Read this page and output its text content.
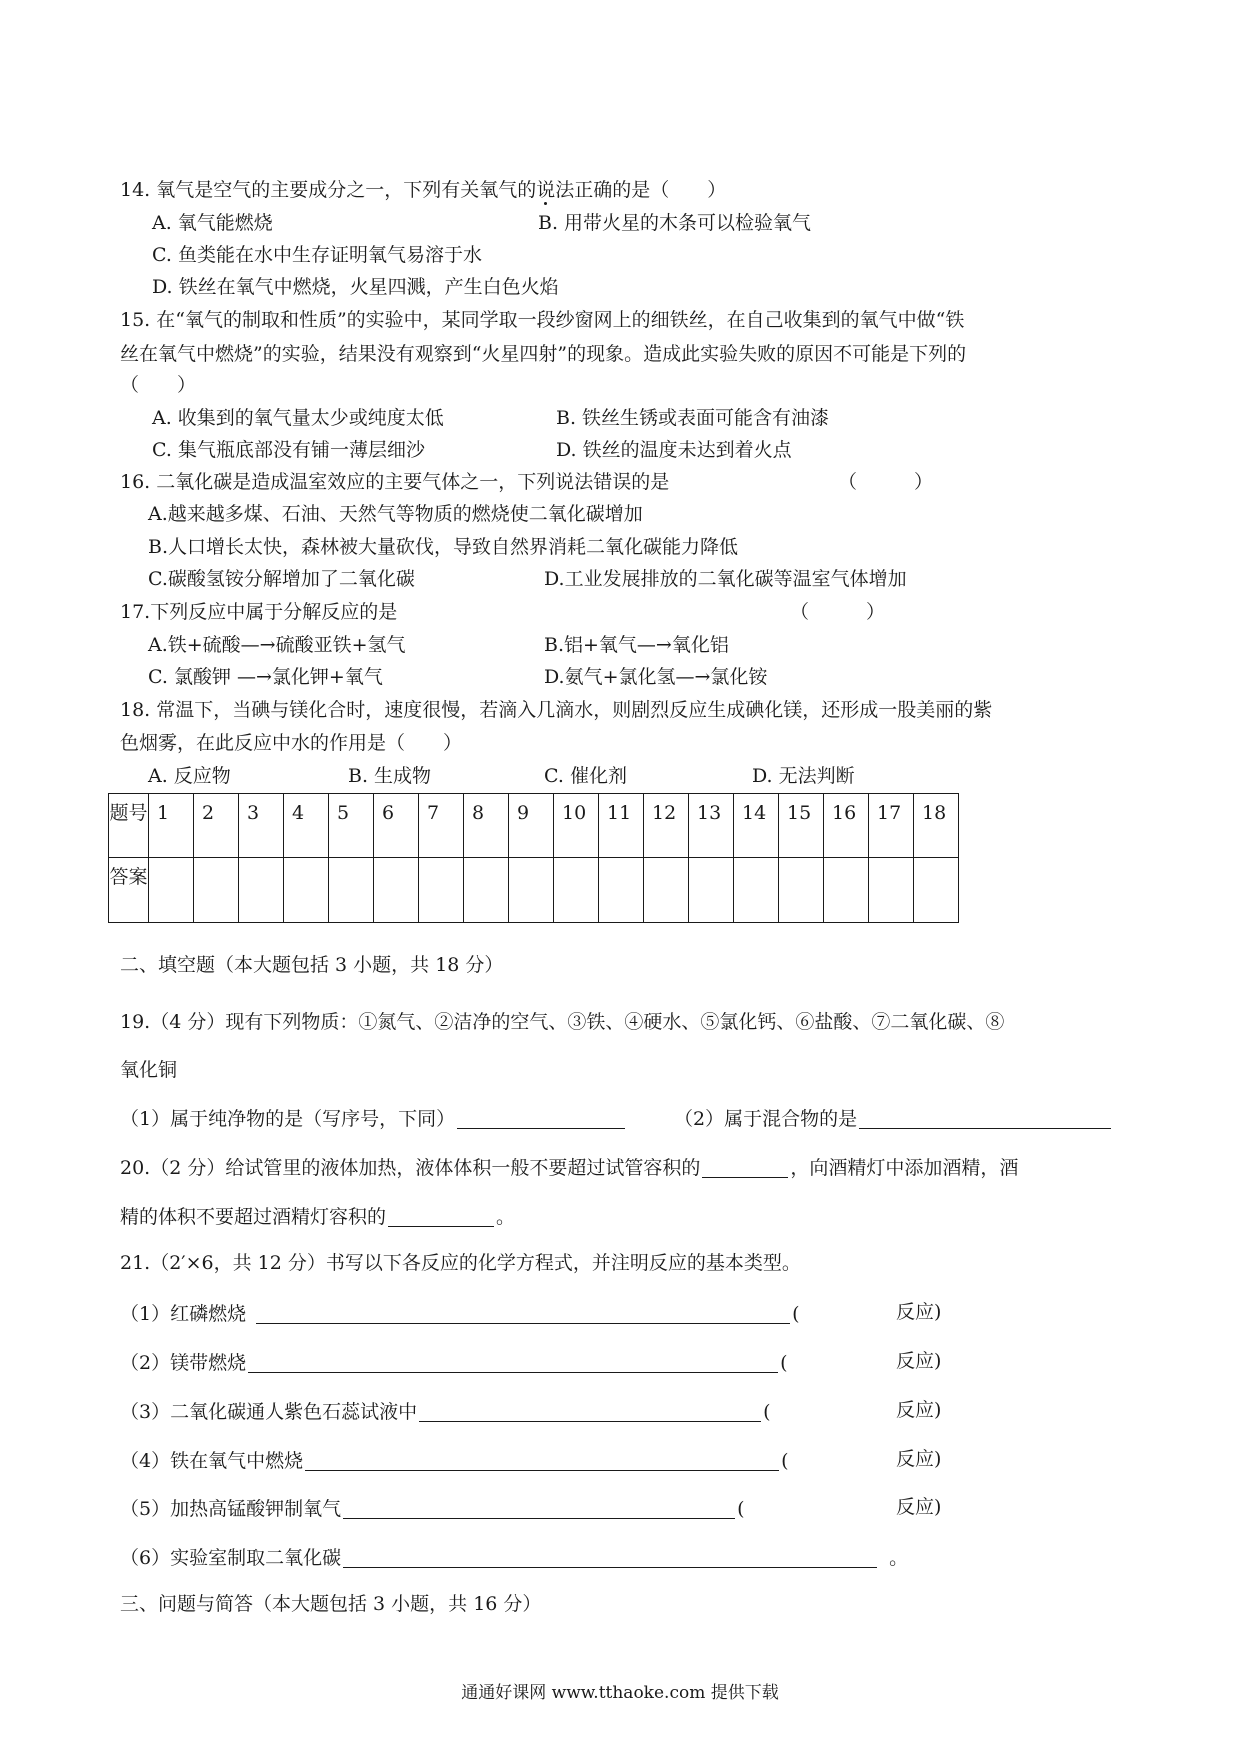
14. 氧气是空气的主要成分之一，下列有关氧气的说法正确的是（　　）
A. 氧气能燃烧	B. 用带火星的木条可以检验氧气
C. 鱼类能在水中生存证明氧气易溶于水
D. 铁丝在氧气中燃烧，火星四溅，产生白色火焰
15. 在“氧气的制取和性质”的实验中，某同学取一段纱窗网上的细铁丝，在自己收集到的氧气中做“铁
丝在氧气中燃烧”的实验，结果没有观察到“火星四射”的现象。造成此实验失败的原因不可能是下列的
（　　）
A. 收集到的氧气量太少或纯度太低	B. 铁丝生锈或表面可能含有油漆
C. 集气瓶底部没有铺一薄层细沙	D. 铁丝的温度未达到着火点
16. 二氧化碳是造成温室效应的主要气体之一，下列说法错误的是	（　　　）
A.越来越多煤、石油、天然气等物质的燃烧使二氧化碳增加
B.人口增长太快，森林被大量砍伐，导致自然界消耗二氧化碳能力降低
C.碳酸氢铵分解增加了二氧化碳	D.工业发展排放的二氧化碳等温室气体增加
17.下列反应中属于分解反应的是	（　　　）
A.铁+硫酸—→硫酸亚铁+氢气	B.铝+氧气—→氧化铝
C. 氯酸钾 —→氯化钾+氧气	D.氨气+氯化氢—→氯化铵
18. 常温下，当碘与镁化合时，速度很慢，若滴入几滴水，则剧烈反应生成碘化镁，还形成一股美丽的紫
色烟雾，在此反应中水的作用是（　　）
A. 反应物	B. 生成物	C. 催化剂	D. 无法判断
题号	1	2	3	4	5	6	7	8	9	10	11	12	13	14	15	16	17	18
答案																		
二、填空题（本大题包括 3 小题，共 18 分）
19.（4 分）现有下列物质：①氮气、②洁净的空气、③铁、④硬水、⑤氯化钙、⑥盐酸、⑦二氧化碳、⑧
氧化铜
（1）属于纯净物的是（写序号，下同）	（2）属于混合物的是
20.（2 分）给试管里的液体加热，液体体积一般不要超过试管容积的	，向酒精灯中添加酒精，酒
精的体积不要超过酒精灯容积的	。
21.（2′×6，共 12 分）书写以下各反应的化学方程式，并注明反应的基本类型。
（1）红磷燃烧	(	反应)
（2）镁带燃烧	(	反应)
（3）二氧化碳通人紫色石蕊试液中	(	反应)
（4）铁在氧气中燃烧	(	反应)
（5）加热高锰酸钾制氧气	(	反应)
（6）实验室制取二氧化碳	。
三、问题与简答（本大题包括 3 小题，共 16 分）
通通好课网 www.tthaoke.com 提供下载
